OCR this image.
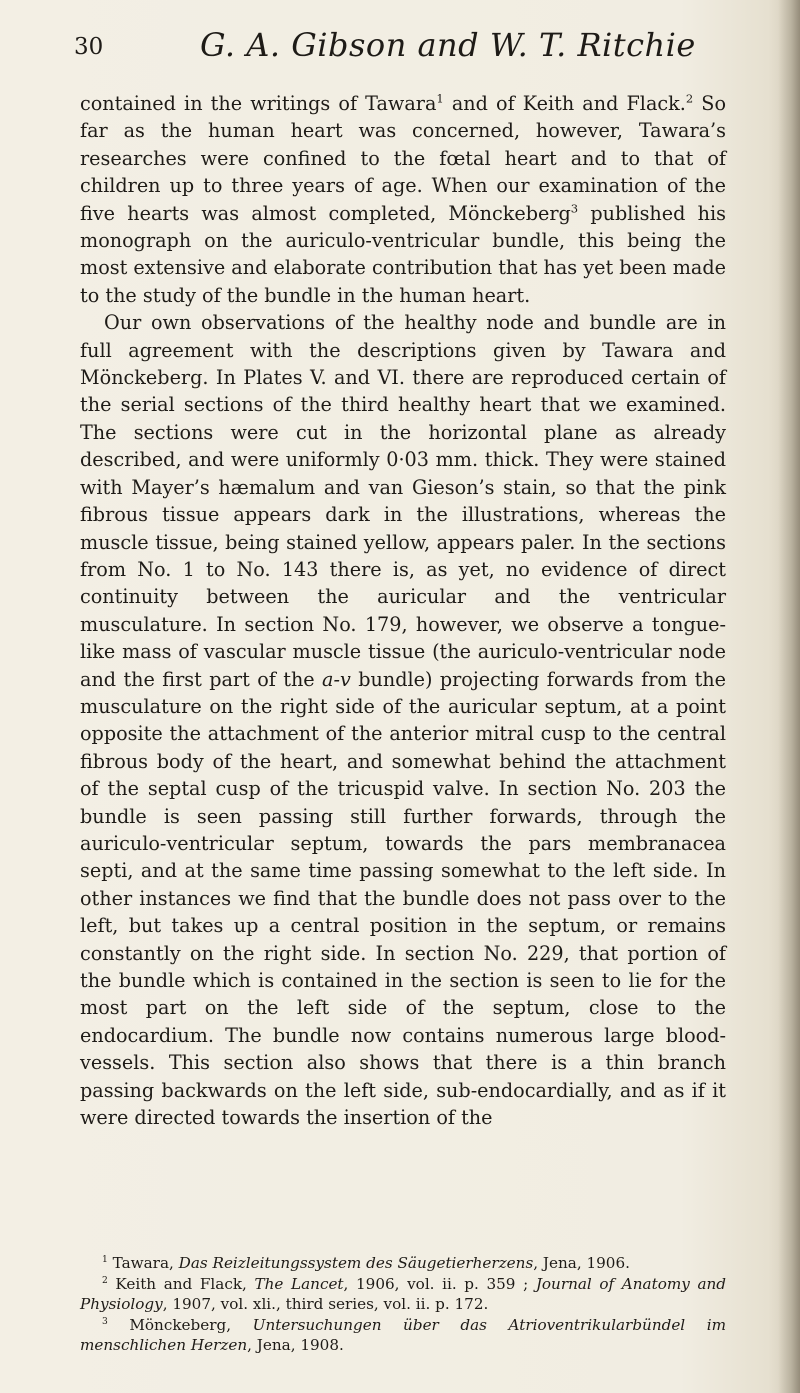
30	G. A. Gibson and W. T. Ritchie

contained in the writings of Tawara$^1$ and of Keith and Flack.$^2$ So far as the human heart was concerned, however, Tawara’s researches were confined to the fœtal heart and to that of children up to three years of age. When our examination of the five hearts was almost completed, Mönckeberg$^3$ published his monograph on the auriculo-ventricular bundle, this being the most extensive and elaborate contribution that has yet been made to the study of the bundle in the human heart.

Our own observations of the healthy node and bundle are in full agreement with the descriptions given by Tawara and Mönckeberg. In Plates V. and VI. there are reproduced certain of the serial sections of the third healthy heart that we examined. The sections were cut in the horizontal plane as already described, and were uniformly 0·03 mm. thick. They were stained with Mayer’s hæmalum and van Gieson’s stain, so that the pink fibrous tissue appears dark in the illustrations, whereas the muscle tissue, being stained yellow, appears paler. In the sections from No. 1 to No. 143 there is, as yet, no evidence of direct continuity between the auricular and the ventricular musculature. In section No. 179, however, we observe a tongue-like mass of vascular muscle tissue (the auriculo-ventricular node and the first part of the a-v bundle) projecting forwards from the musculature on the right side of the auricular septum, at a point opposite the attachment of the anterior mitral cusp to the central fibrous body of the heart, and somewhat behind the attachment of the septal cusp of the tricuspid valve. In section No. 203 the bundle is seen passing still further forwards, through the auriculo-ventricular septum, towards the pars membranacea septi, and at the same time passing somewhat to the left side. In other instances we find that the bundle does not pass over to the left, but takes up a central position in the septum, or remains constantly on the right side. In section No. 229, that portion of the bundle which is contained in the section is seen to lie for the most part on the left side of the septum, close to the endocardium. The bundle now contains numerous large blood-vessels. This section also shows that there is a thin branch passing backwards on the left side, sub-endocardially, and as if it were directed towards the insertion of the

$^1$ Tawara, Das Reizleitungssystem des Säugetierherzens, Jena, 1906.

$^2$ Keith and Flack, The Lancet, 1906, vol. ii. p. 359 ; Journal of Anatomy and Physiology, 1907, vol. xli., third series, vol. ii. p. 172.

$^3$ Mönckeberg, Untersuchungen über das Atrioventrikularbündel im menschlichen Herzen, Jena, 1908.
